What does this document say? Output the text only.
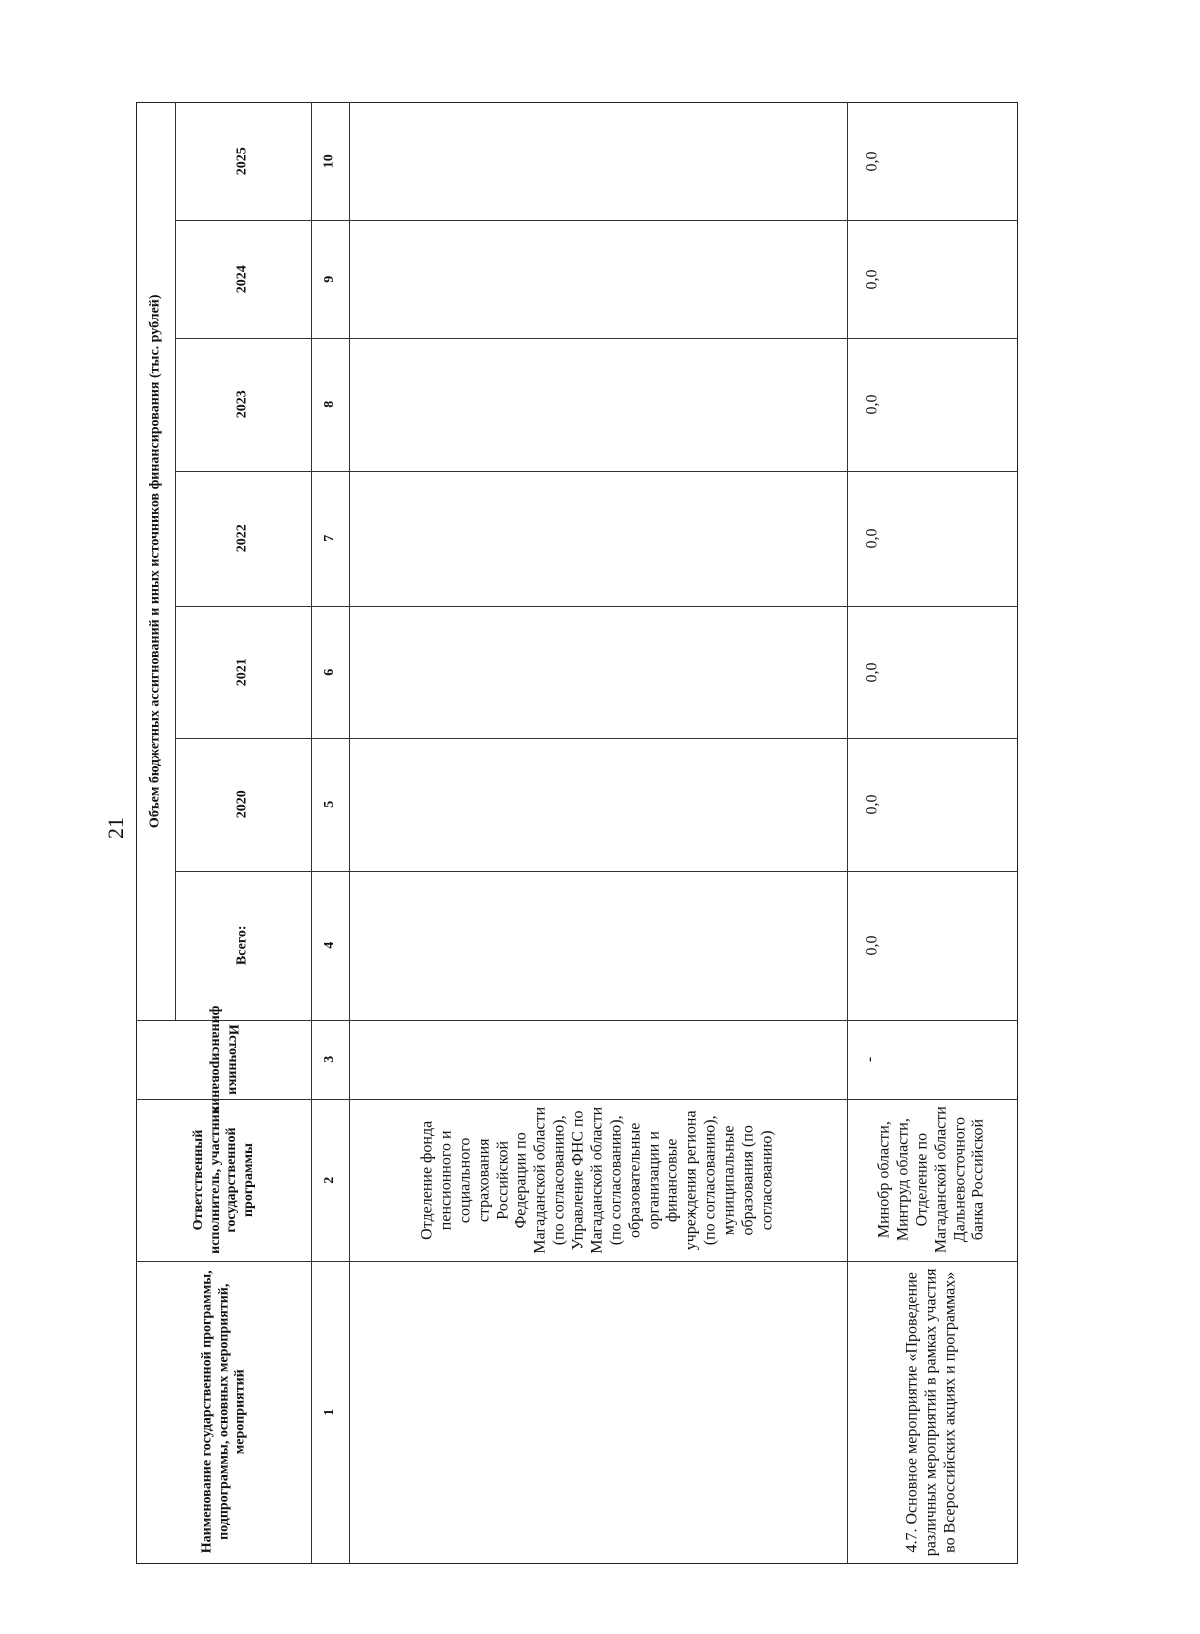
21
Объем бюджетных ассигнований и иных источников финансирования (тыс. рублей)
2025
2024
2023
2022
2021
2020
Всего:
Источники финансирования
Ответственный исполнитель, участник государственной программы
Наименование государственной программы, подпрограммы, основных мероприятий, мероприятий
10
9
8
7
6
5
4
3
2
1
Отделение фонда пенсионного и социального страхования Российской Федерации по Магаданской области (по согласованию), Управление ФНС по Магаданской области (по согласованию), образовательные организации и финансовые учреждения региона (по согласованию), муниципальные образования (по согласованию)
4.7. Основное мероприятие «Проведение различных мероприятий в рамках участия во Всероссийских акциях и программах»
Минобр области, Минтруд области, Отделение по Магаданской области Дальневосточного банка Российской
-
0,0
0,0
0,0
0,0
0,0
0,0
0,0
